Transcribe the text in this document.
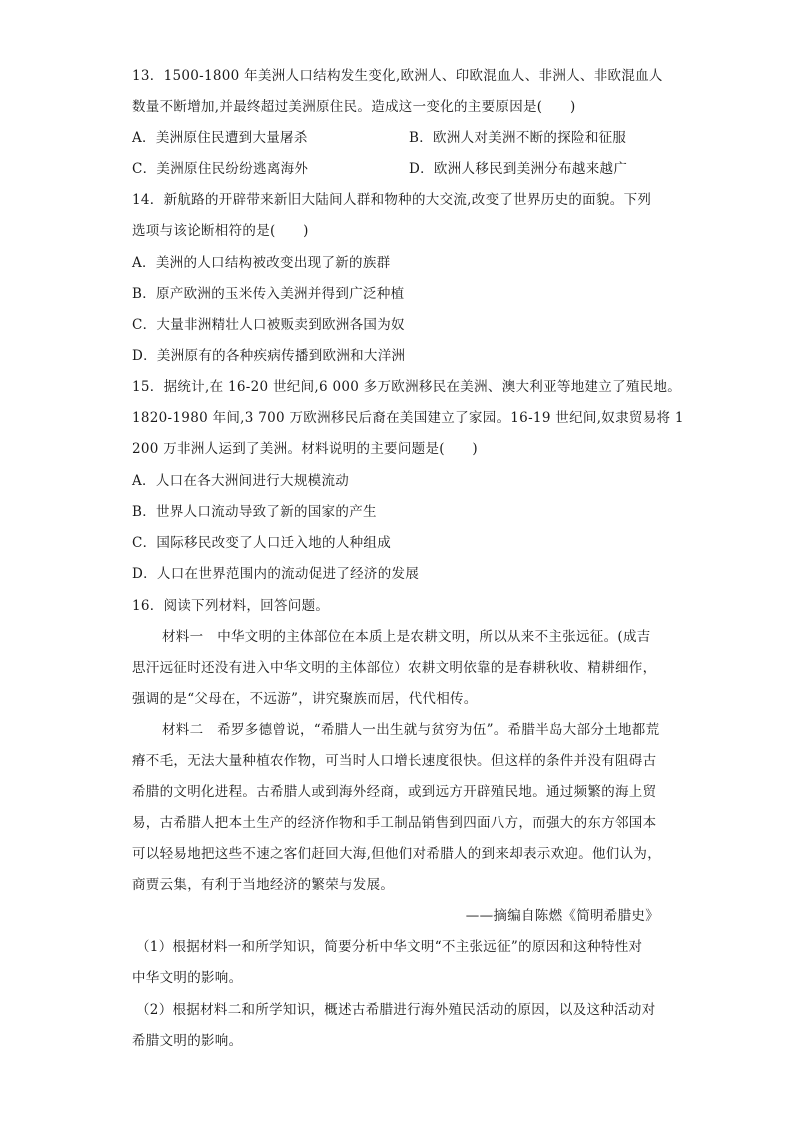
13．1500-1800 年美洲人口结构发生变化,欧洲人、印欧混血人、非洲人、非欧混血人
数量不断增加,并最终超过美洲原住民。造成这一变化的主要原因是(　　)
A．美洲原住民遭到大量屠杀	B．欧洲人对美洲不断的探险和征服
C．美洲原住民纷纷逃离海外	D．欧洲人移民到美洲分布越来越广
14．新航路的开辟带来新旧大陆间人群和物种的大交流,改变了世界历史的面貌。下列
选项与该论断相符的是(　　)
A．美洲的人口结构被改变出现了新的族群
B．原产欧洲的玉米传入美洲并得到广泛种植
C．大量非洲精壮人口被贩卖到欧洲各国为奴
D．美洲原有的各种疾病传播到欧洲和大洋洲
15．据统计,在 16-20 世纪间,6 000 多万欧洲移民在美洲、澳大利亚等地建立了殖民地。
1820-1980 年间,3 700 万欧洲移民后裔在美国建立了家园。16-19 世纪间,奴隶贸易将 1
200 万非洲人运到了美洲。材料说明的主要问题是(　　)
A．人口在各大洲间进行大规模流动
B．世界人口流动导致了新的国家的产生
C．国际移民改变了人口迁入地的人种组成
D．人口在世界范围内的流动促进了经济的发展
16．阅读下列材料，回答问题。
材料一　中华文明的主体部位在本质上是农耕文明，所以从来不主张远征。(成吉
思汗远征时还没有进入中华文明的主体部位）农耕文明依靠的是春耕秋收、精耕细作，
强调的是“父母在，不远游”，讲究聚族而居，代代相传。
材料二　希罗多德曾说，“希腊人一出生就与贫穷为伍”。希腊半岛大部分土地都荒
瘠不毛，无法大量种植农作物，可当时人口增长速度很快。但这样的条件并没有阻碍古
希腊的文明化进程。古希腊人或到海外经商，或到远方开辟殖民地。通过频繁的海上贸
易，古希腊人把本土生产的经济作物和手工制品销售到四面八方，而强大的东方邻国本
可以轻易地把这些不速之客们赶回大海,但他们对希腊人的到来却表示欢迎。他们认为，
商贾云集，有利于当地经济的繁荣与发展。
——摘编自陈燃《简明希腊史》
（1）根据材料一和所学知识，简要分析中华文明“不主张远征”的原因和这种特性对
中华文明的影响。
（2）根据材料二和所学知识，概述古希腊进行海外殖民活动的原因，以及这种活动对
希腊文明的影响。
